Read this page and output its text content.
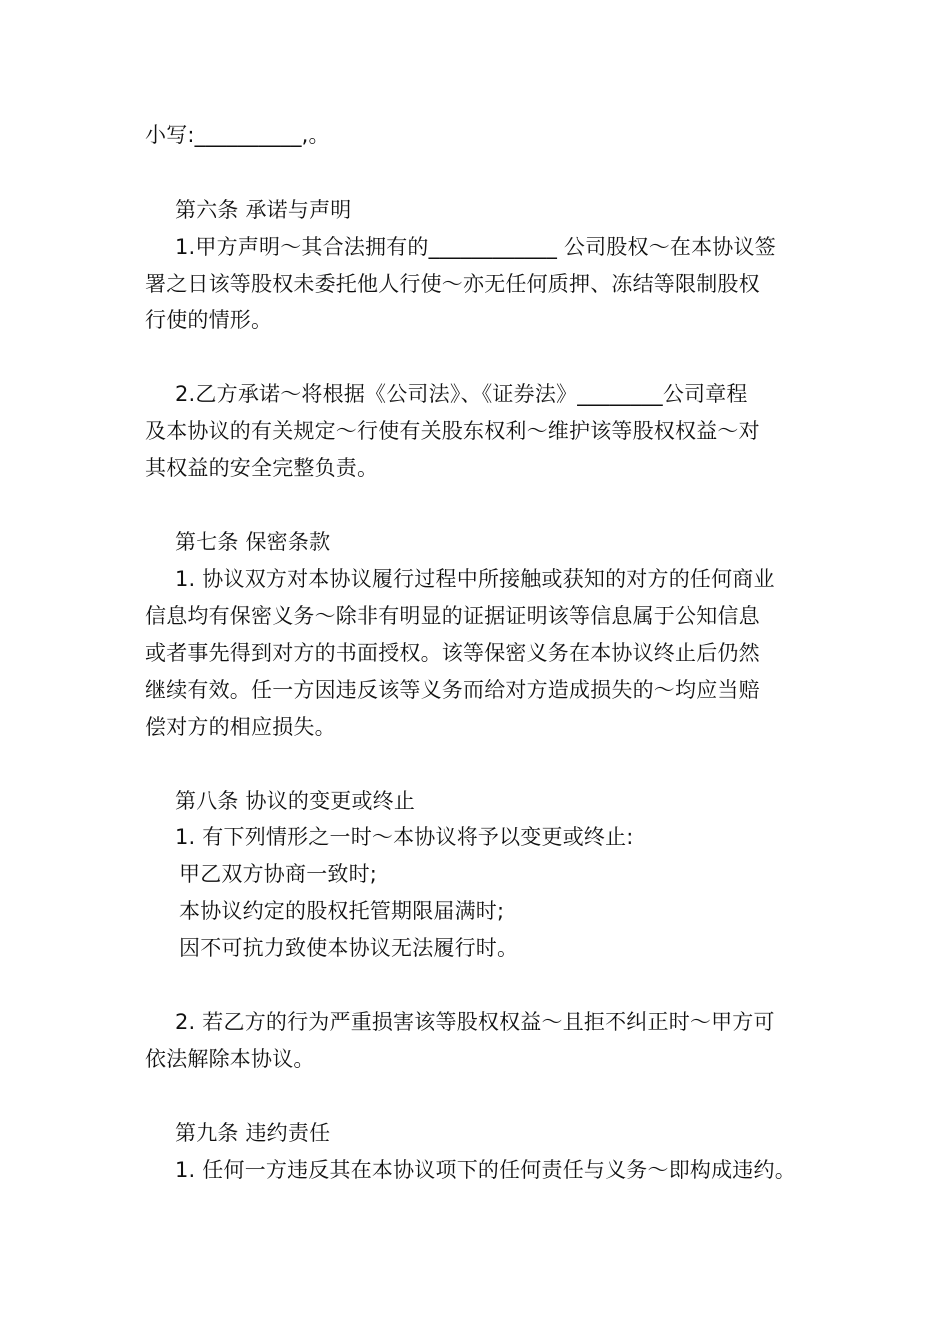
小写:__________,。
第六条 承诺与声明
1.甲方声明～其合法拥有的____________ 公司股权～在本协议签
署之日该等股权未委托他人行使～亦无任何质押、冻结等限制股权
行使的情形。
2.乙方承诺～将根据《公司法》、《证券法》________公司章程
及本协议的有关规定～行使有关股东权利～维护该等股权权益～对
其权益的安全完整负责。
第七条 保密条款
1. 协议双方对本协议履行过程中所接触或获知的对方的任何商业
信息均有保密义务～除非有明显的证据证明该等信息属于公知信息
或者事先得到对方的书面授权。该等保密义务在本协议终止后仍然
继续有效。任一方因违反该等义务而给对方造成损失的～均应当赔
偿对方的相应损失。
第八条 协议的变更或终止
1. 有下列情形之一时～本协议将予以变更或终止:
甲乙双方协商一致时;
本协议约定的股权托管期限届满时;
因不可抗力致使本协议无法履行时。
2. 若乙方的行为严重损害该等股权权益～且拒不纠正时～甲方可
依法解除本协议。
第九条 违约责任
1. 任何一方违反其在本协议项下的任何责任与义务～即构成违约。
